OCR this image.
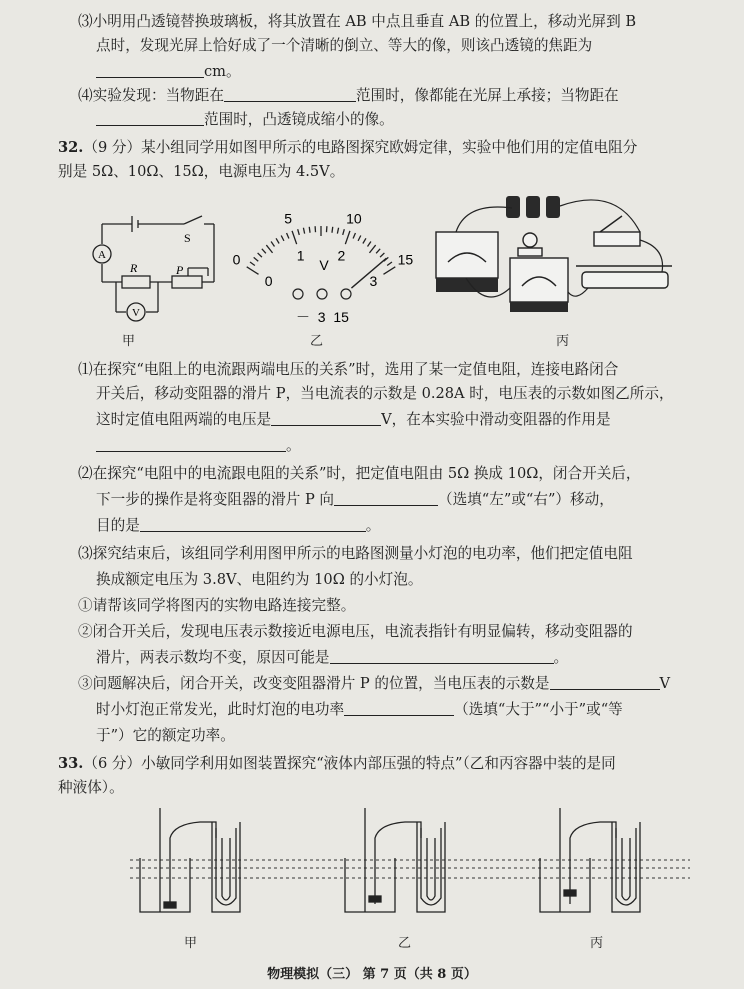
⑶小明用凸透镜替换玻璃板，将其放置在 AB 中点且垂直 AB 的位置上，移动光屏到 B
点时，发现光屏上恰好成了一个清晰的倒立、等大的像，则该凸透镜的焦距为
cm。
⑷实验发现：当物距在	范围时，像都能在光屏上承接；当物距在
范围时，凸透镜成缩小的像。
32.（9 分）某小组同学用如图甲所示的电路图探究欧姆定律，实验中他们用的定值电阻分
别是 5Ω、10Ω、15Ω，电源电压为 4.5V。
A
V
S
R	P
0
5	10
15
0
1 2
3
V
－  3  15
甲	乙	丙
⑴在探究“电阻上的电流跟两端电压的关系”时，选用了某一定值电阻，连接电路闭合
开关后，移动变阻器的滑片 P，当电流表的示数是 0.28A 时，电压表的示数如图乙所示，
这时定值电阻两端的电压是	V，在本实验中滑动变阻器的作用是
。
⑵在探究“电阻中的电流跟电阻的关系”时，把定值电阻由 5Ω 换成 10Ω，闭合开关后，
下一步的操作是将变阻器的滑片 P 向	（选填“左”或“右”）移动，
目的是	。
⑶探究结束后，该组同学利用图甲所示的电路图测量小灯泡的电功率，他们把定值电阻
换成额定电压为 3.8V、电阻约为 10Ω 的小灯泡。
①请帮该同学将图丙的实物电路连接完整。
②闭合开关后，发现电压表示数接近电源电压，电流表指针有明显偏转，移动变阻器的
滑片，两表示数均不变，原因可能是	。
③问题解决后，闭合开关，改变变阻器滑片 P 的位置，当电压表的示数是	V
时小灯泡正常发光，此时灯泡的电功率	（选填“大于”“小于”或“等
于”）它的额定功率。
33.（6 分）小敏同学利用如图装置探究“液体内部压强的特点”（乙和丙容器中装的是同
种液体）。
甲	乙	丙
物理模拟（三） 第 7 页（共 8 页）
